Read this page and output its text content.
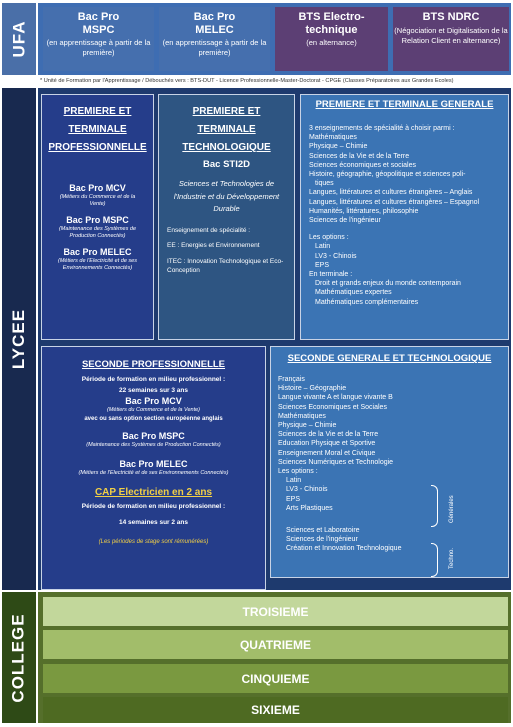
UFA
LYCEE
COLLEGE
Bac Pro
MSPC
(en apprentissage à partir de la première)
Bac Pro
MELEC
(en apprentissage à partir de la première)
BTS Electro-
technique
(en alternance)
BTS NDRC
(Négociation et Digitalisation de la Relation Client en alternance)
* Unité de Formation par l'Apprentissage / Débouchés vers : BTS-DUT - Licence Professionnelle-Master-Doctorat - CPGE (Classes Préparatoires aux Grandes Ecoles)
PREMIERE ET
TERMINALE
PROFESSIONNELLE
Bac Pro MCV
(Métiers du Commerce et de la Vente)
Bac Pro MSPC
(Maintenance des Systèmes de Production Connectés)
Bac Pro MELEC
(Métiers de l'Electricité et de ses Environnements Connectés)
PREMIERE ET
TERMINALE
TECHNOLOGIQUE
Bac STI2D
Sciences et Technologies de l'Industrie et du Développement Durable
Enseignement de spécialité :
EE : Energies et Environnement
ITEC : Innovation Technologique et Eco-Conception
PREMIERE ET TERMINALE GENERALE
3 enseignements de spécialité à choisir parmi :
Mathématiques
Physique – Chimie
Sciences de la Vie et de la Terre
Sciences économiques et sociales
Histoire, géographie, géopolitique et sciences poli-
tiques
Langues, littératures et cultures étrangères – Anglais
Langues, littératures et cultures étrangères – Espagnol
Humanités, littératures, philosophie
Sciences de l'ingénieur
Les options :
Latin
LV3 - Chinois
EPS
En terminale :
Droit et grands enjeux du monde contemporain
Mathématiques expertes
Mathématiques complémentaires
SECONDE PROFESSIONNELLE
Période de formation en milieu professionnel :
22 semaines sur 3 ans
Bac Pro MCV
(Métiers du Commerce et de la Vente)
avec ou sans option section européenne anglais
Bac Pro MSPC
(Maintenance des Systèmes de Production Connectés)
Bac Pro MELEC
(Métiers de l'Electricité et de ses Environnements Connectés)
CAP Electricien en 2 ans
Période de formation en milieu professionnel :
14 semaines sur 2 ans
(Les périodes de stage sont rémunérées)
SECONDE GENERALE ET TECHNOLOGIQUE
Français
Histoire – Géographie
Langue vivante A et langue vivante B
Sciences Economiques et Sociales
Mathématiques
Physique – Chimie
Sciences de la Vie et de la Terre
Education Physique et Sportive
Enseignement Moral et Civique
Sciences Numériques et Technologie
Les options :
Latin
LV3 - Chinois
EPS
Arts Plastiques
Sciences et Laboratoire
Sciences de l'ingénieur
Création et Innovation Technologique
Générales
Techno.
TROISIEME
QUATRIEME
CINQUIEME
SIXIEME
